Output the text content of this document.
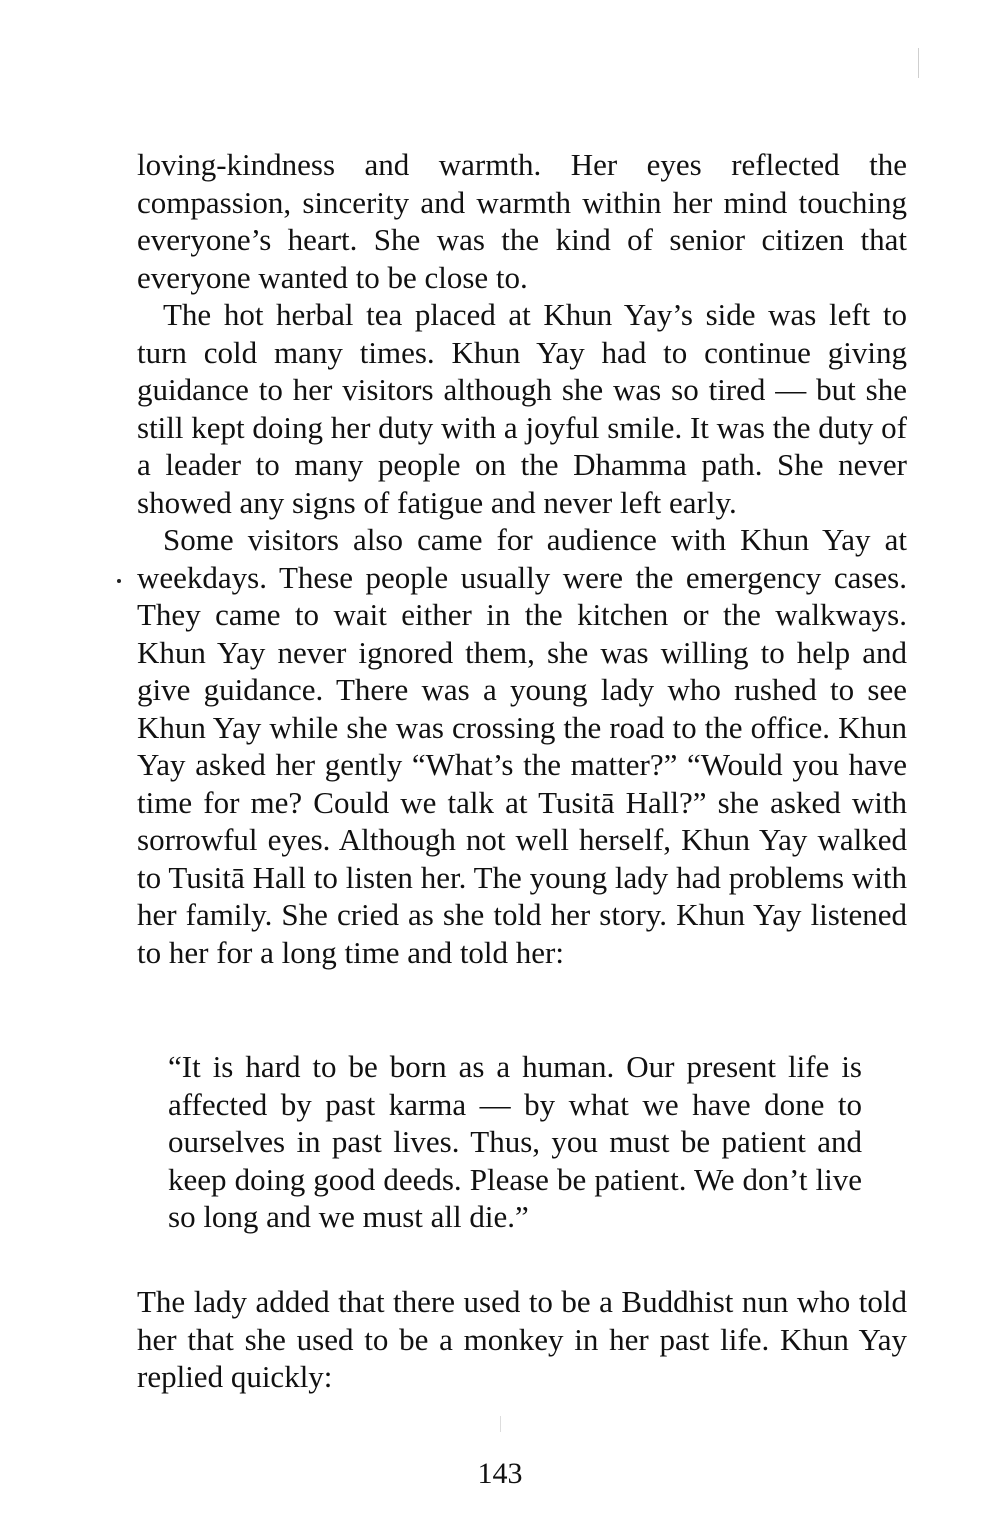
loving-kindness and warmth. Her eyes reflected the compassion, sincerity and warmth within her mind touching everyone’s heart. She was the kind of senior citizen that everyone wanted to be close to.

The hot herbal tea placed at Khun Yay’s side was left to turn cold many times. Khun Yay had to continue giving guidance to her visitors although she was so tired — but she still kept doing her duty with a joyful smile. It was the duty of a leader to many people on the Dhamma path. She never showed any signs of fatigue and never left early.

Some visitors also came for audience with Khun Yay at weekdays. These people usually were the emergency cases. They came to wait either in the kitchen or the walkways. Khun Yay never ignored them, she was willing to help and give guidance. There was a young lady who rushed to see Khun Yay while she was crossing the road to the office. Khun Yay asked her gently “What’s the matter?” “Would you have time for me? Could we talk at Tusitā Hall?” she asked with sorrowful eyes. Although not well herself, Khun Yay walked to Tusitā Hall to listen her. The young lady had problems with her family. She cried as she told her story. Khun Yay listened to her for a long time and told her:

“It is hard to be born as a human. Our present life is affected by past karma — by what we have done to ourselves in past lives. Thus, you must be patient and keep doing good deeds. Please be patient. We don’t live so long and we must all die.”

The lady added that there used to be a Buddhist nun who told her that she used to be a monkey in her past life. Khun Yay replied quickly:

143
